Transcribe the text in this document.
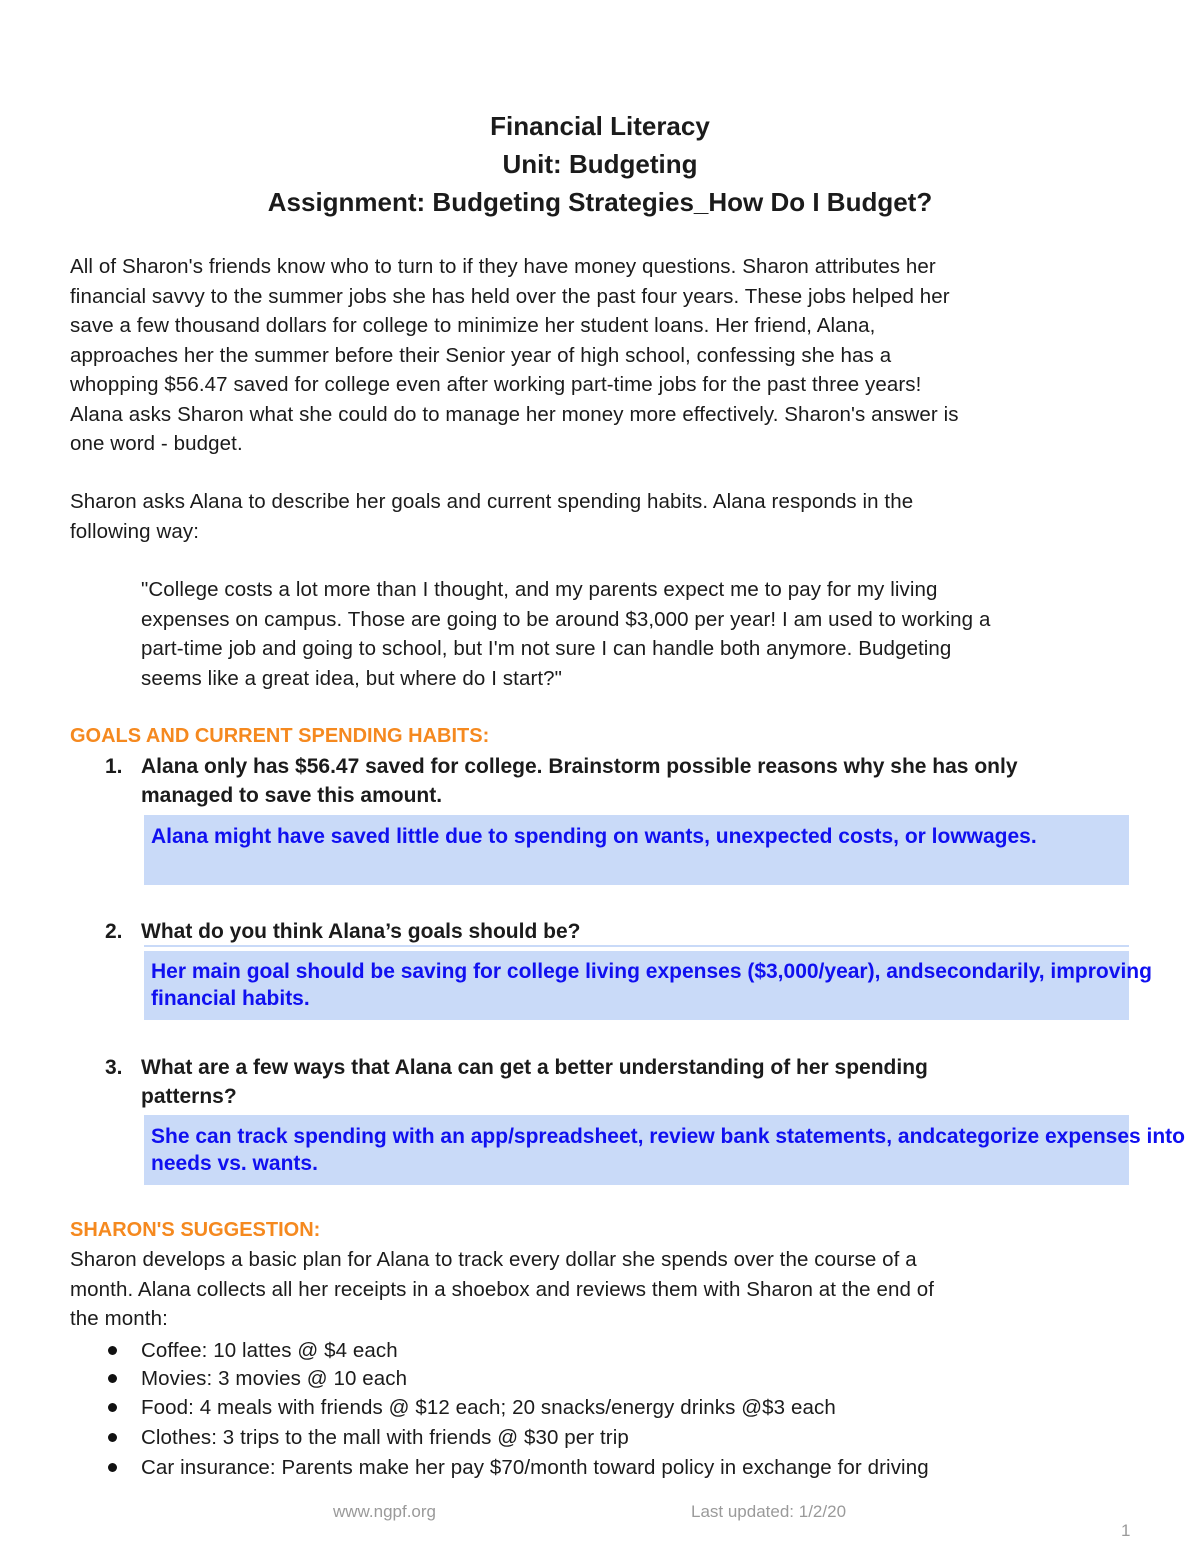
Financial Literacy
Unit: Budgeting
Assignment: Budgeting Strategies_How Do I Budget?
All of Sharon's friends know who to turn to if they have money questions. Sharon attributes her
financial savvy to the summer jobs she has held over the past four years. These jobs helped her
save a few thousand dollars for college to minimize her student loans. Her friend, Alana,
approaches her the summer before their Senior year of high school, confessing she has a
whopping $56.47 saved for college even after working part-time jobs for the past three years!
Alana asks Sharon what she could do to manage her money more effectively. Sharon's answer is
one word - budget.
Sharon asks Alana to describe her goals and current spending habits. Alana responds in the
following way:
"College costs a lot more than I thought, and my parents expect me to pay for my living
expenses on campus. Those are going to be around $3,000 per year! I am used to working a
part-time job and going to school, but I'm not sure I can handle both anymore. Budgeting
seems like a great idea, but where do I start?"
GOALS AND CURRENT SPENDING HABITS:
1. Alana only has $56.47 saved for college. Brainstorm possible reasons why she has only
managed to save this amount.
Alana might have saved little due to spending on wants, unexpected costs, or lowwages.
2. What do you think Alana’s goals should be?
Her main goal should be saving for college living expenses ($3,000/year), andsecondarily, improving financial habits.
3. What are a few ways that Alana can get a better understanding of her spending
patterns?
She can track spending with an app/spreadsheet, review bank statements, andcategorize expenses into needs vs. wants.
SHARON'S SUGGESTION:
Sharon develops a basic plan for Alana to track every dollar she spends over the course of a
month. Alana collects all her receipts in a shoebox and reviews them with Sharon at the end of
the month:
Coffee: 10 lattes @ $4 each
Movies: 3 movies @ 10 each
Food: 4 meals with friends @ $12 each; 20 snacks/energy drinks @$3 each
Clothes: 3 trips to the mall with friends @ $30 per trip
Car insurance: Parents make her pay $70/month toward policy in exchange for driving
www.ngpf.org	Last updated: 1/2/20
1
